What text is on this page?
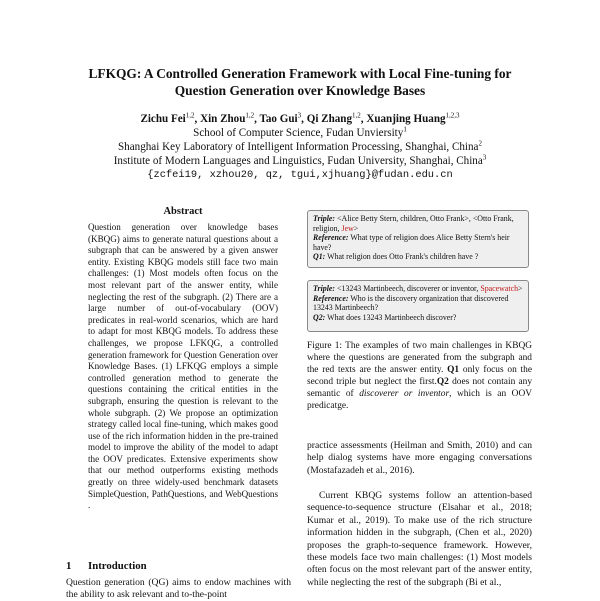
LFKQG: A Controlled Generation Framework with Local Fine-tuning for
Question Generation over Knowledge Bases
Zichu Fei$^{1,2}$, Xin Zhou$^{1,2}$, Tao Gui$^3$, Qi Zhang$^{1,2}$, Xuanjing Huang$^{1,2,3}$
School of Computer Science, Fudan Unviersity$^1$
Shanghai Key Laboratory of Intelligent Information Processing, Shanghai, China$^2$
Institute of Modern Languages and Linguistics, Fudan University, Shanghai, China$^3$
{zcfei19, xzhou20, qz, tgui,xjhuang}@fudan.edu.cn
Abstract
Question generation over knowledge bases (KBQG) aims to generate natural questions about a subgraph that can be answered by a given answer entity. Existing KBQG models still face two main challenges: (1) Most models often focus on the most relevant part of the answer entity, while neglecting the rest of the subgraph. (2) There are a large number of out-of-vocabulary (OOV) predicates in real-world scenarios, which are hard to adapt for most KBQG models. To address these challenges, we propose LFKQG, a controlled generation framework for Question Generation over Knowledge Bases. (1) LFKQG employs a simple controlled generation method to generate the questions containing the critical entities in the subgraph, ensuring the question is relevant to the whole subgraph. (2) We propose an optimization strategy called local fine-tuning, which makes good use of the rich information hidden in the pre-trained model to improve the ability of the model to adapt the OOV predicates. Extensive experiments show that our method outperforms existing methods greatly on three widely-used benchmark datasets SimpleQuestion, PathQuestions, and WebQuestions .
1 Introduction
Question generation (QG) aims to endow machines with the ability to ask relevant and to-the-point
Triple: <Alice Betty Stern, children, Otto Frank>, <Otto Frank, religion, Jew>
Reference: What type of religion does Alice Betty Stern's heir have?
Q1: What religion does Otto Frank's children have ?
Triple: <13243 Martinbeech, discoverer or inventor, Spacewatch>
Reference: Who is the discovery organization that discovered 13243 Martinbeech?
Q2: What does 13243 Martinbeech discover?
Figure 1: The examples of two main challenges in KBQG where the questions are generated from the subgraph and the red texts are the answer entity. Q1 only focus on the second triple but neglect the first.Q2 does not contain any semantic of discoverer or inventor, which is an OOV predicatge.
practice assessments (Heilman and Smith, 2010) and can help dialog systems have more engaging conversations (Mostafazadeh et al., 2016).
Current KBQG systems follow an attention-based sequence-to-sequence structure (Elsahar et al., 2018; Kumar et al., 2019). To make use of the rich structure information hidden in the subgraph, (Chen et al., 2020) proposes the graph-to-sequence framework. However, these models face two main challenges: (1) Most models often focus on the most relevant part of the answer entity, while neglecting the rest of the subgraph (Bi et al.,
